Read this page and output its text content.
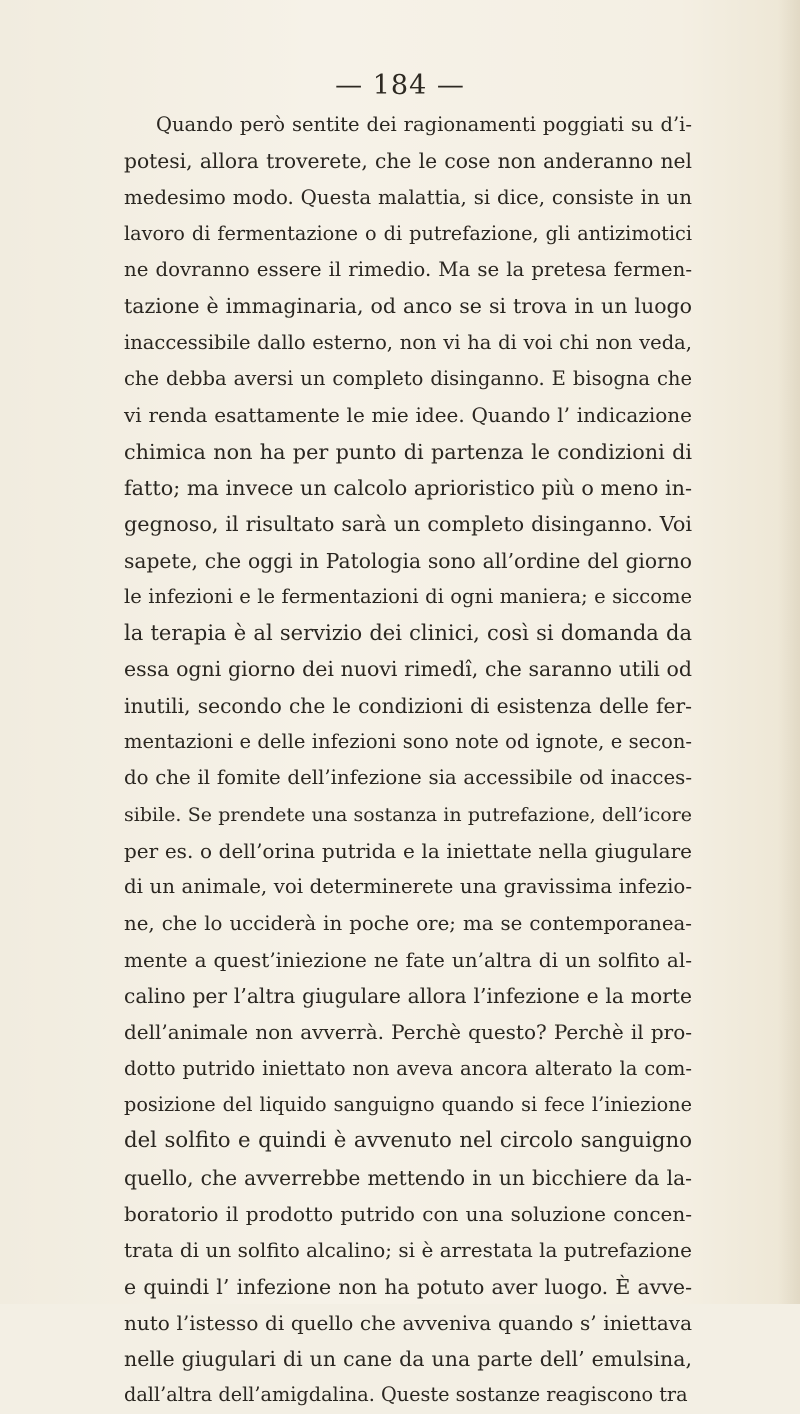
— 184 —
Quando però sentite dei ragionamenti poggiati su d’i-
potesi, allora troverete, che le cose non anderanno nel
medesimo modo. Questa malattia, si dice, consiste in un
lavoro di fermentazione o di putrefazione, gli antizimotici
ne dovranno essere il rimedio. Ma se la pretesa fermen-
tazione è immaginaria, od anco se si trova in un luogo
inaccessibile dallo esterno, non vi ha di voi chi non veda,
che debba aversi un completo disinganno. E bisogna che
vi renda esattamente le mie idee. Quando l’ indicazione
chimica non ha per punto di partenza le condizioni di
fatto; ma invece un calcolo aprioristico più o meno in-
gegnoso, il risultato sarà un completo disinganno. Voi
sapete, che oggi in Patologia sono all’ordine del giorno
le infezioni e le fermentazioni di ogni maniera; e siccome
la terapia è al servizio dei clinici, così si domanda da
essa ogni giorno dei nuovi rimedî, che saranno utili od
inutili, secondo che le condizioni di esistenza delle fer-
mentazioni e delle infezioni sono note od ignote, e secon-
do che il fomite dell’infezione sia accessibile od inacces-
sibile. Se prendete una sostanza in putrefazione, dell’icore
per es. o dell’orina putrida e la iniettate nella giugulare
di un animale, voi determinerete una gravissima infezio-
ne, che lo ucciderà in poche ore; ma se contemporanea-
mente a quest’iniezione ne fate un’altra di un solfito al-
calino per l’altra giugulare allora l’infezione e la morte
dell’animale non avverrà. Perchè questo? Perchè il pro-
dotto putrido iniettato non aveva ancora alterato la com-
posizione del liquido sanguigno quando si fece l’iniezione
del solfito e quindi è avvenuto nel circolo sanguigno
quello, che avverrebbe mettendo in un bicchiere da la-
boratorio il prodotto putrido con una soluzione concen-
trata di un solfito alcalino; si è arrestata la putrefazione
e quindi l’ infezione non ha potuto aver luogo. È avve-
nuto l’istesso di quello che avveniva quando s’ iniettava
nelle giugulari di un cane da una parte dell’ emulsina,
dall’altra dell’amigdalina. Queste sostanze reagiscono tra
